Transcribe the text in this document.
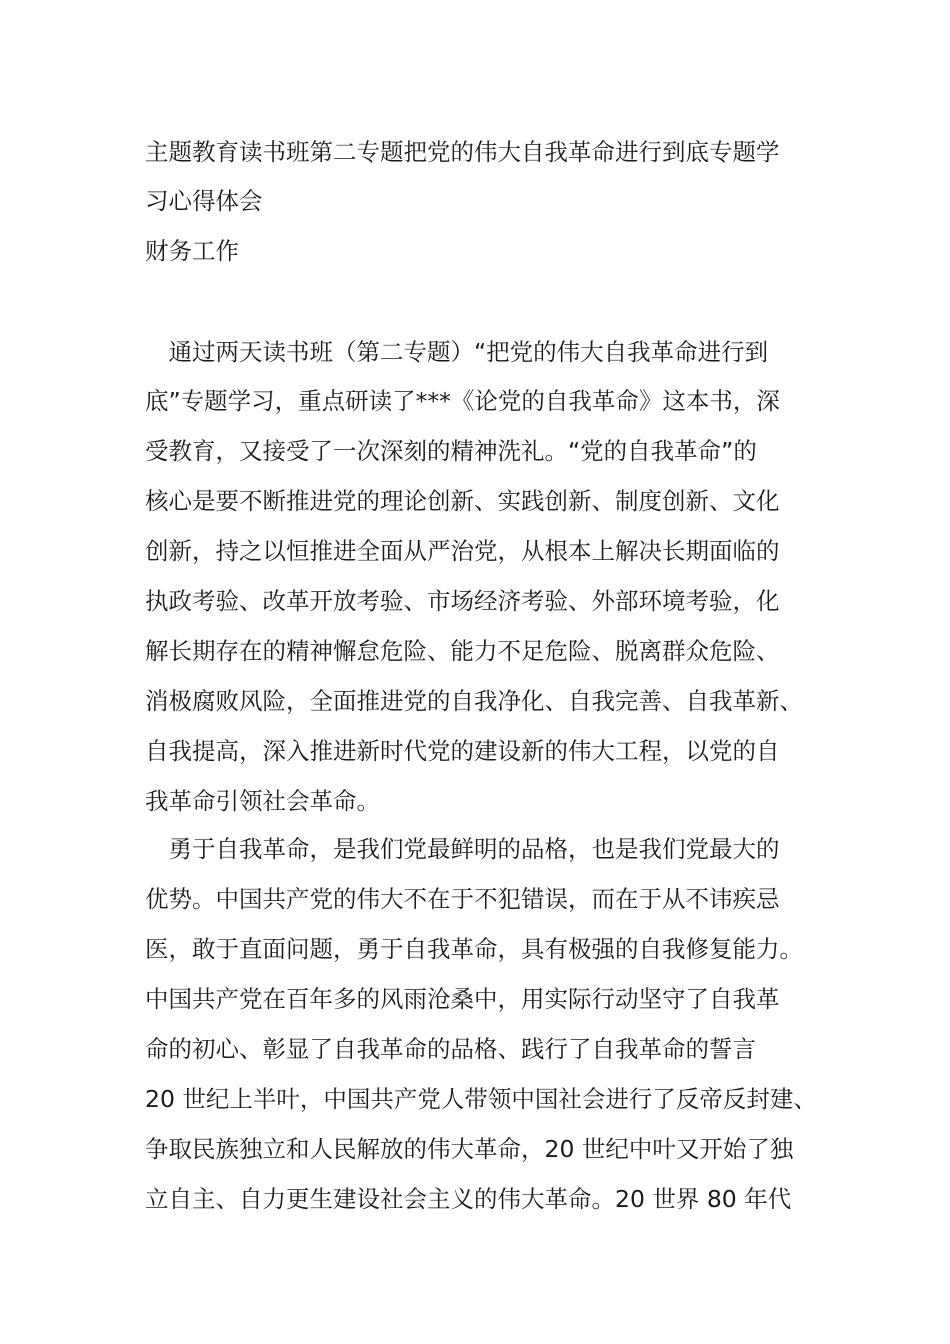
主题教育读书班第二专题把党的伟大自我革命进行到底专题学
习心得体会
财务工作
　通过两天读书班（第二专题）“把党的伟大自我革命进行到
底”专题学习，重点研读了***《论党的自我革命》这本书，深
受教育，又接受了一次深刻的精神洗礼。“党的自我革命”的
核心是要不断推进党的理论创新、实践创新、制度创新、文化
创新，持之以恒推进全面从严治党，从根本上解决长期面临的
执政考验、改革开放考验、市场经济考验、外部环境考验，化
解长期存在的精神懈怠危险、能力不足危险、脱离群众危险、
消极腐败风险，全面推进党的自我净化、自我完善、自我革新、
自我提高，深入推进新时代党的建设新的伟大工程，以党的自
我革命引领社会革命。
　勇于自我革命，是我们党最鲜明的品格，也是我们党最大的
优势。中国共产党的伟大不在于不犯错误，而在于从不讳疾忌
医，敢于直面问题，勇于自我革命，具有极强的自我修复能力。
中国共产党在百年多的风雨沧桑中，用实际行动坚守了自我革
命的初心、彰显了自我革命的品格、践行了自我革命的誓言
20 世纪上半叶，中国共产党人带领中国社会进行了反帝反封建、
争取民族独立和人民解放的伟大革命，20 世纪中叶又开始了独
立自主、自力更生建设社会主义的伟大革命。20 世界 80 年代
